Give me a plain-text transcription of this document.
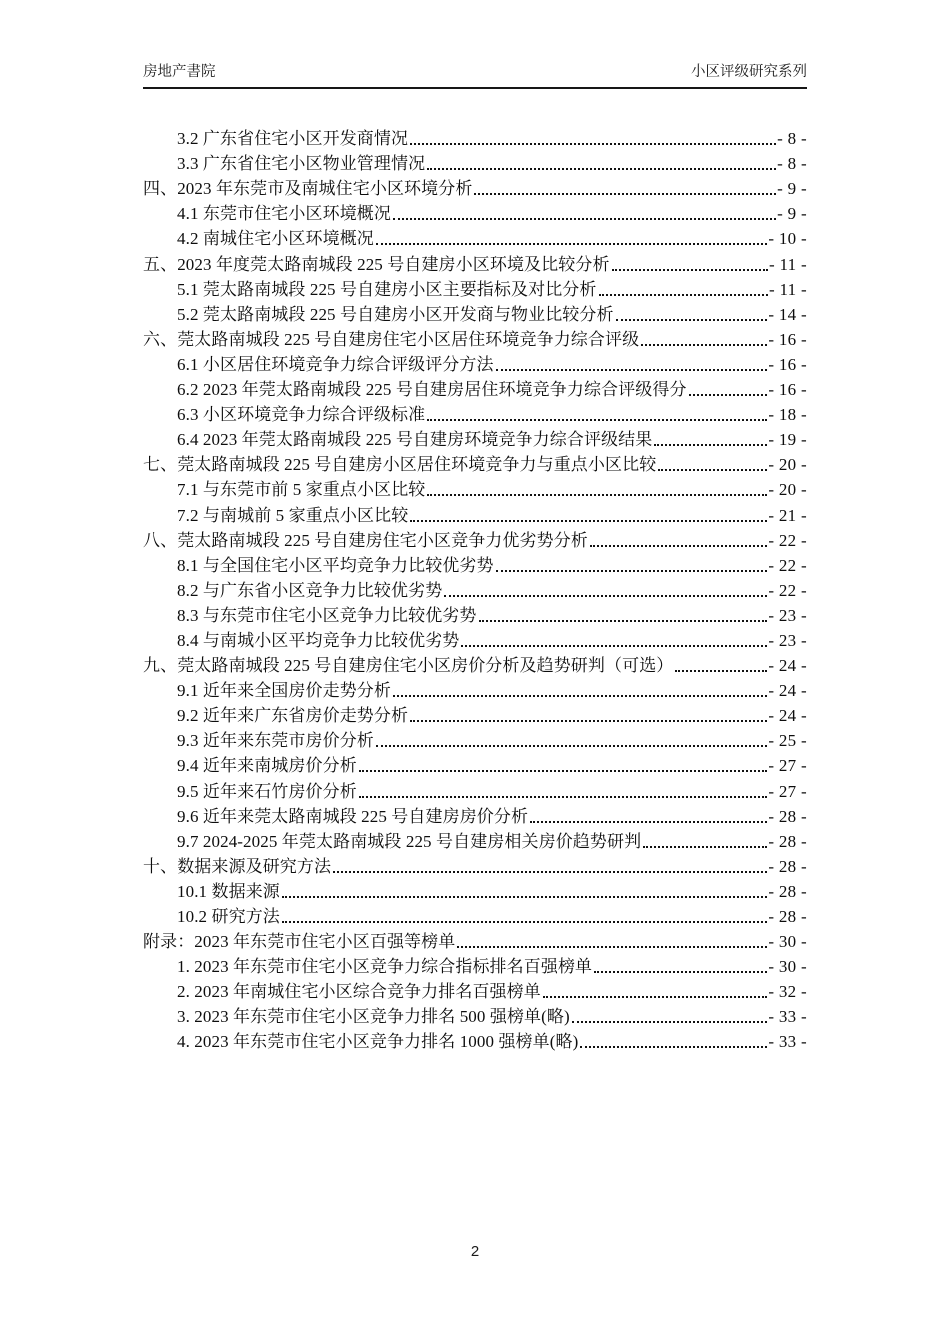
房地产書院	小区评级研究系列
3.2 广东省住宅小区开发商情况	- 8 -
3.3 广东省住宅小区物业管理情况	- 8 -
四、2023 年东莞市及南城住宅小区环境分析	- 9 -
4.1 东莞市住宅小区环境概况	- 9 -
4.2 南城住宅小区环境概况	- 10 -
五、2023 年度莞太路南城段 225 号自建房小区环境及比较分析	- 11 -
5.1 莞太路南城段 225 号自建房小区主要指标及对比分析	- 11 -
5.2 莞太路南城段 225 号自建房小区开发商与物业比较分析	- 14 -
六、莞太路南城段 225 号自建房住宅小区居住环境竞争力综合评级	- 16 -
6.1 小区居住环境竞争力综合评级评分方法	- 16 -
6.2 2023 年莞太路南城段 225 号自建房居住环境竞争力综合评级得分	- 16 -
6.3 小区环境竞争力综合评级标准	- 18 -
6.4 2023 年莞太路南城段 225 号自建房环境竞争力综合评级结果	- 19 -
七、莞太路南城段 225 号自建房小区居住环境竞争力与重点小区比较	- 20 -
7.1 与东莞市前 5 家重点小区比较	- 20 -
7.2 与南城前 5 家重点小区比较	- 21 -
八、莞太路南城段 225 号自建房住宅小区竞争力优劣势分析	- 22 -
8.1 与全国住宅小区平均竞争力比较优劣势	- 22 -
8.2 与广东省小区竞争力比较优劣势	- 22 -
8.3 与东莞市住宅小区竞争力比较优劣势	- 23 -
8.4 与南城小区平均竞争力比较优劣势	- 23 -
九、莞太路南城段 225 号自建房住宅小区房价分析及趋势研判（可选）	- 24 -
9.1 近年来全国房价走势分析	- 24 -
9.2 近年来广东省房价走势分析	- 24 -
9.3 近年来东莞市房价分析	- 25 -
9.4 近年来南城房价分析	- 27 -
9.5 近年来石竹房价分析	- 27 -
9.6 近年来莞太路南城段 225 号自建房房价分析	- 28 -
9.7 2024-2025 年莞太路南城段 225 号自建房相关房价趋势研判	- 28 -
十、数据来源及研究方法	- 28 -
10.1 数据来源	- 28 -
10.2 研究方法	- 28 -
附录：2023 年东莞市住宅小区百强等榜单	- 30 -
1. 2023 年东莞市住宅小区竞争力综合指标排名百强榜单	- 30 -
2. 2023 年南城住宅小区综合竞争力排名百强榜单	- 32 -
3. 2023 年东莞市住宅小区竞争力排名 500 强榜单(略)	- 33 -
4. 2023 年东莞市住宅小区竞争力排名 1000 强榜单(略)	- 33 -
2
